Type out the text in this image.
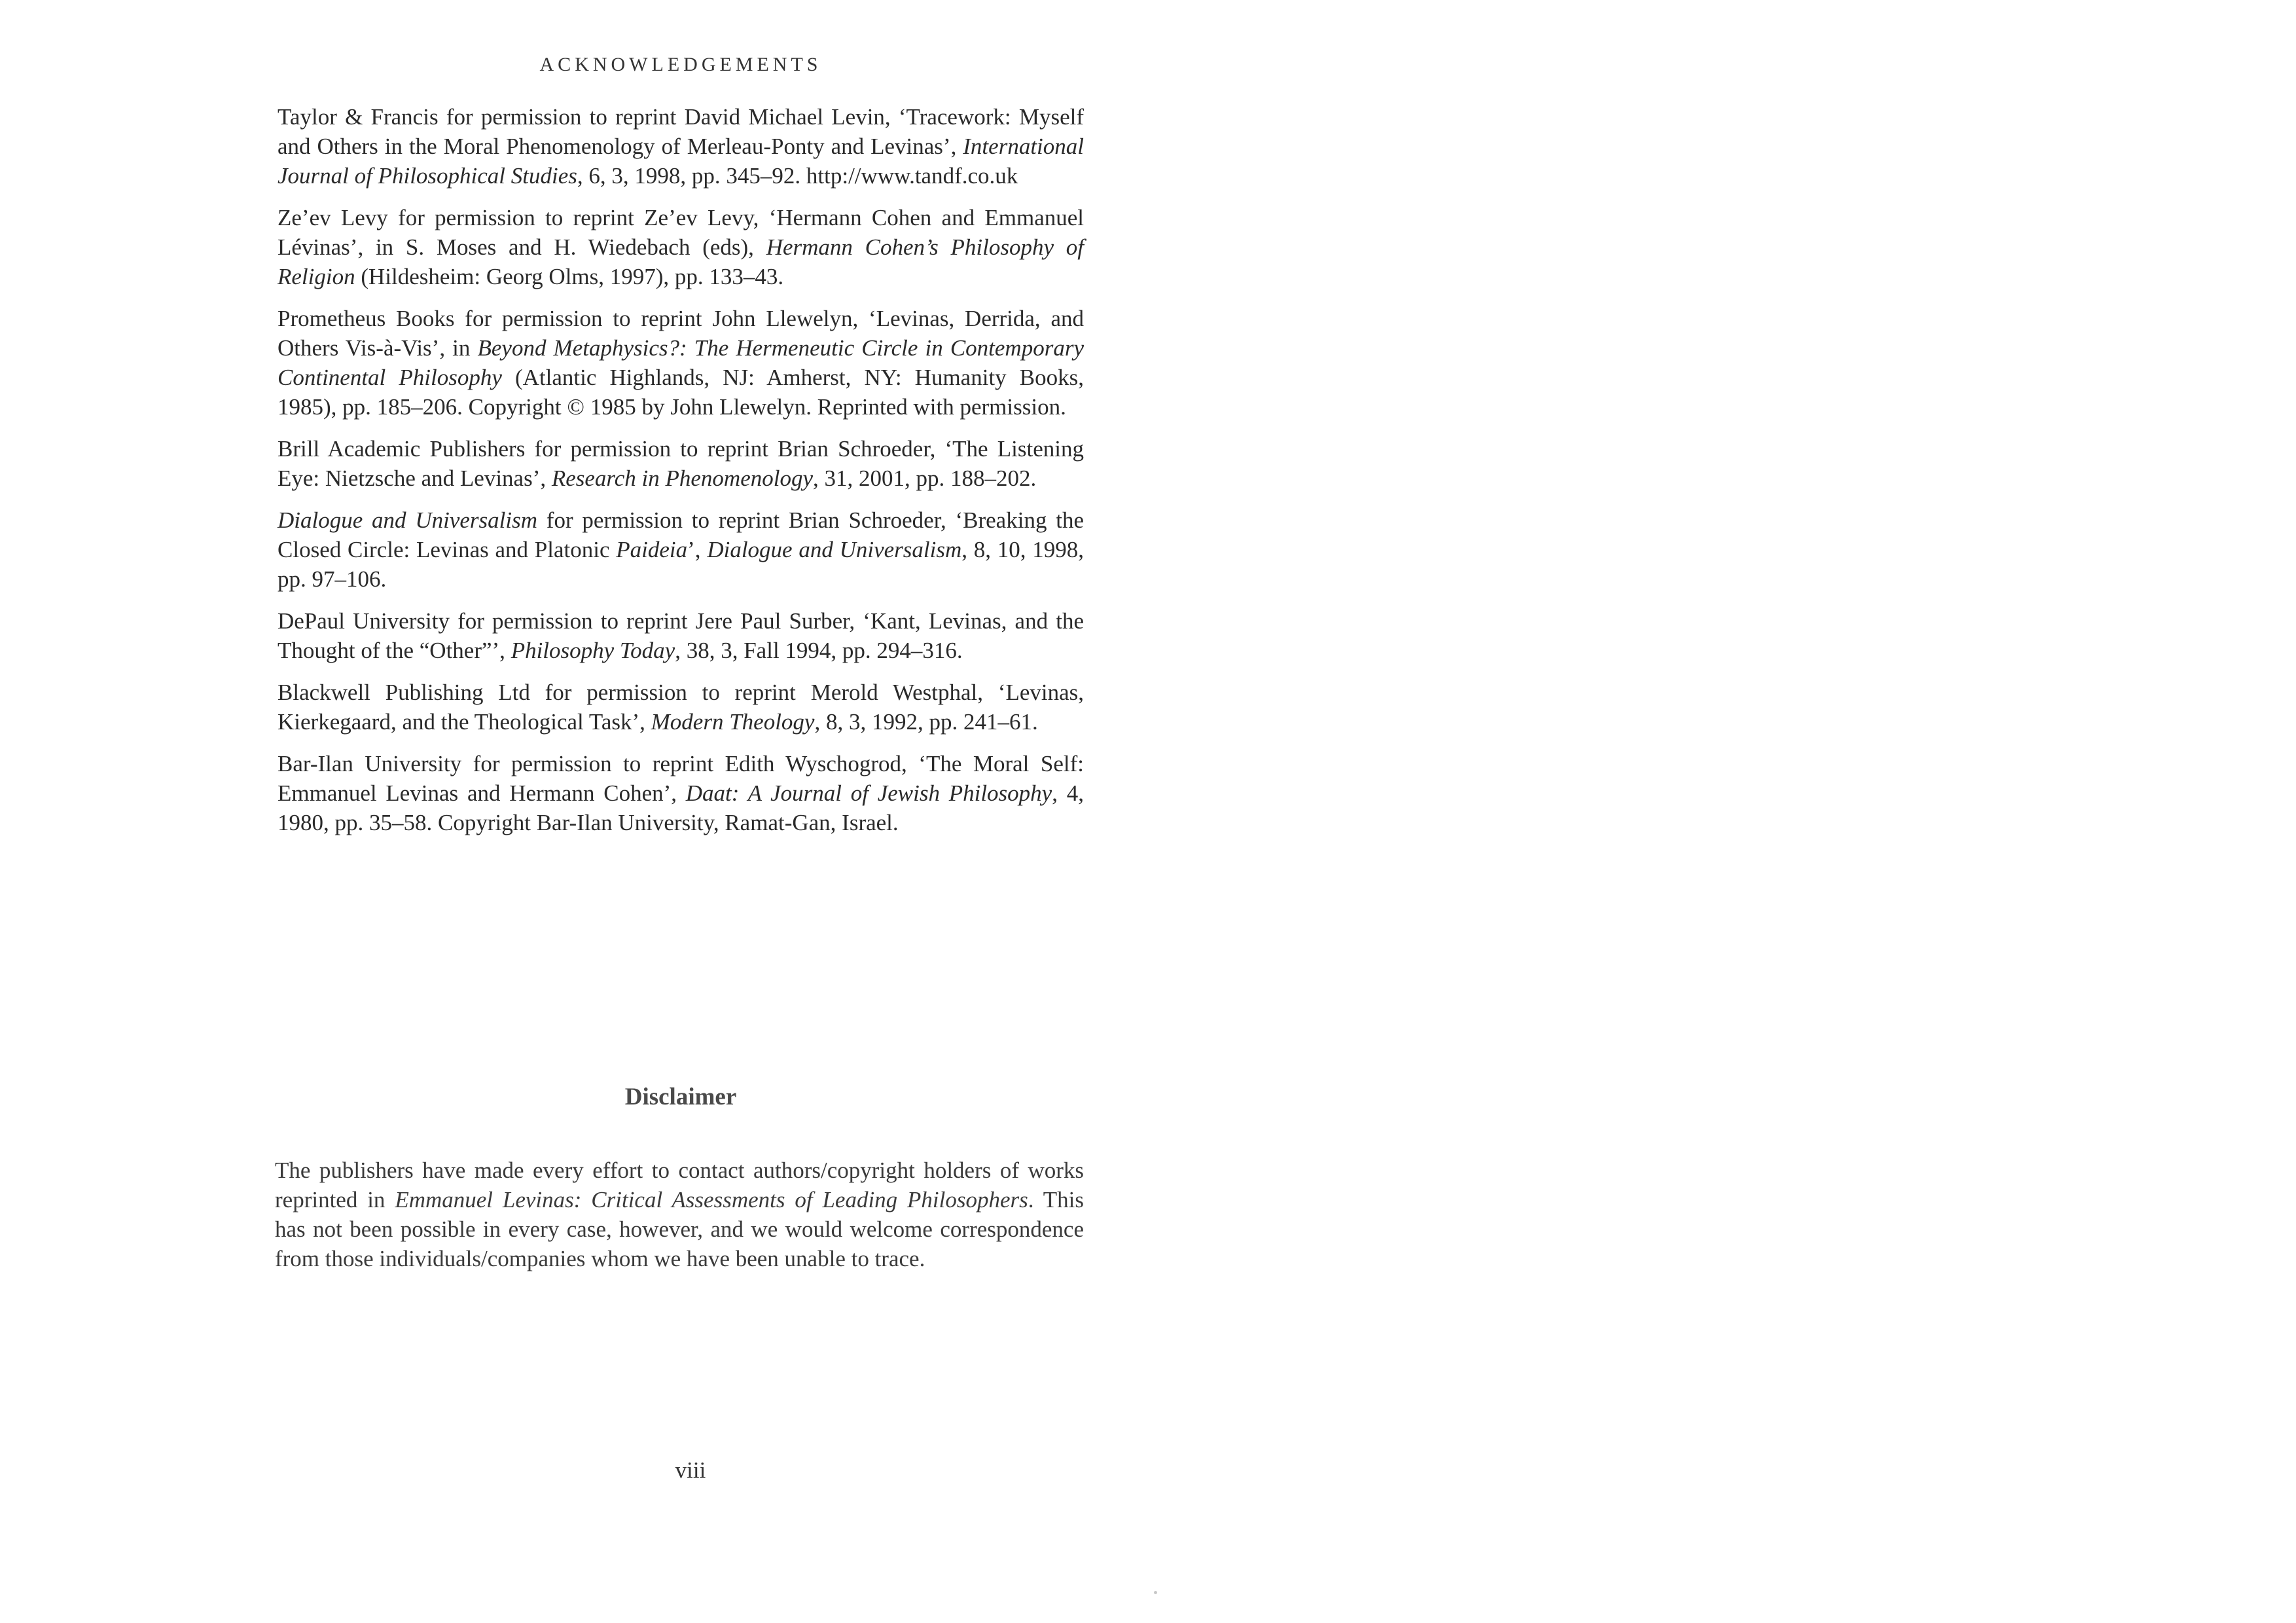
ACKNOWLEDGEMENTS

Taylor & Francis for permission to reprint David Michael Levin, ‘Tracework: Myself and Others in the Moral Phenomenology of Merleau-Ponty and Levinas’, International Journal of Philosophical Studies, 6, 3, 1998, pp. 345–92. http://www.tandf.co.uk

Ze’ev Levy for permission to reprint Ze’ev Levy, ‘Hermann Cohen and Emmanuel Lévinas’, in S. Moses and H. Wiedebach (eds), Hermann Cohen’s Philosophy of Religion (Hildesheim: Georg Olms, 1997), pp. 133–43.

Prometheus Books for permission to reprint John Llewelyn, ‘Levinas, Derrida, and Others Vis-à-Vis’, in Beyond Metaphysics?: The Hermeneutic Circle in Contemporary Continental Philosophy (Atlantic Highlands, NJ: Amherst, NY: Humanity Books, 1985), pp. 185–206. Copyright © 1985 by John Llewelyn. Reprinted with permission.

Brill Academic Publishers for permission to reprint Brian Schroeder, ‘The Listening Eye: Nietzsche and Levinas’, Research in Phenomenology, 31, 2001, pp. 188–202.

Dialogue and Universalism for permission to reprint Brian Schroeder, ‘Breaking the Closed Circle: Levinas and Platonic Paideia’, Dialogue and Universalism, 8, 10, 1998, pp. 97–106.

DePaul University for permission to reprint Jere Paul Surber, ‘Kant, Levinas, and the Thought of the “Other”’, Philosophy Today, 38, 3, Fall 1994, pp. 294–316.

Blackwell Publishing Ltd for permission to reprint Merold Westphal, ‘Levinas, Kierkegaard, and the Theological Task’, Modern Theology, 8, 3, 1992, pp. 241–61.

Bar-Ilan University for permission to reprint Edith Wyschogrod, ‘The Moral Self: Emmanuel Levinas and Hermann Cohen’, Daat: A Journal of Jewish Philosophy, 4, 1980, pp. 35–58. Copyright Bar-Ilan University, Ramat-Gan, Israel.

Disclaimer

The publishers have made every effort to contact authors/copyright holders of works reprinted in Emmanuel Levinas: Critical Assessments of Leading Philosophers. This has not been possible in every case, however, and we would welcome correspondence from those individuals/companies whom we have been unable to trace.

viii
